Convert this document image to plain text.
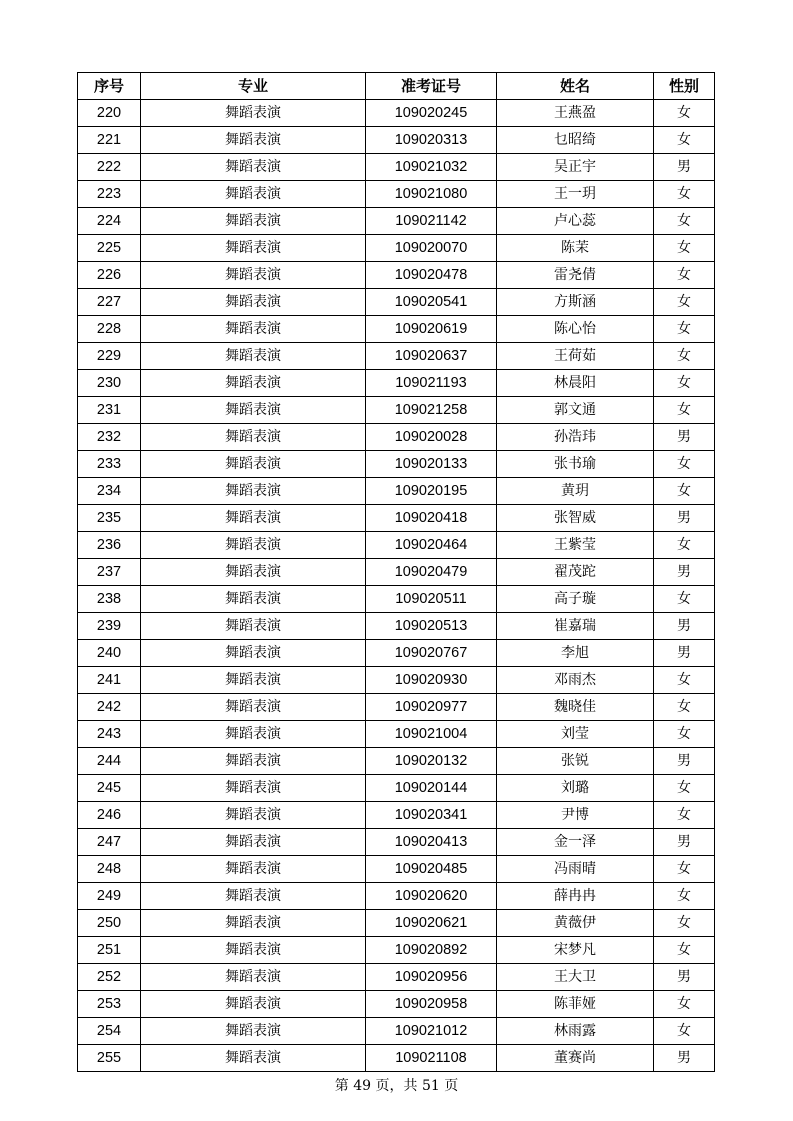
序号	专业	准考证号	姓名	性别
220	舞蹈表演	109020245	王燕盈	女
221	舞蹈表演	109020313	乜昭绮	女
222	舞蹈表演	109021032	吴正宇	男
223	舞蹈表演	109021080	王一玥	女
224	舞蹈表演	109021142	卢心蕊	女
225	舞蹈表演	109020070	陈茉	女
226	舞蹈表演	109020478	雷尧倩	女
227	舞蹈表演	109020541	方斯涵	女
228	舞蹈表演	109020619	陈心怡	女
229	舞蹈表演	109020637	王荷茹	女
230	舞蹈表演	109021193	林晨阳	女
231	舞蹈表演	109021258	郭文通	女
232	舞蹈表演	109020028	孙浩玮	男
233	舞蹈表演	109020133	张书瑜	女
234	舞蹈表演	109020195	黄玥	女
235	舞蹈表演	109020418	张智威	男
236	舞蹈表演	109020464	王紫莹	女
237	舞蹈表演	109020479	翟茂跎	男
238	舞蹈表演	109020511	高子璇	女
239	舞蹈表演	109020513	崔嘉瑞	男
240	舞蹈表演	109020767	李旭	男
241	舞蹈表演	109020930	邓雨杰	女
242	舞蹈表演	109020977	魏晓佳	女
243	舞蹈表演	109021004	刘莹	女
244	舞蹈表演	109020132	张锐	男
245	舞蹈表演	109020144	刘璐	女
246	舞蹈表演	109020341	尹博	女
247	舞蹈表演	109020413	金一泽	男
248	舞蹈表演	109020485	冯雨晴	女
249	舞蹈表演	109020620	薛冉冉	女
250	舞蹈表演	109020621	黄薇伊	女
251	舞蹈表演	109020892	宋梦凡	女
252	舞蹈表演	109020956	王大卫	男
253	舞蹈表演	109020958	陈菲娅	女
254	舞蹈表演	109021012	林雨露	女
255	舞蹈表演	109021108	董赛尚	男
第 49 页，共 51 页
